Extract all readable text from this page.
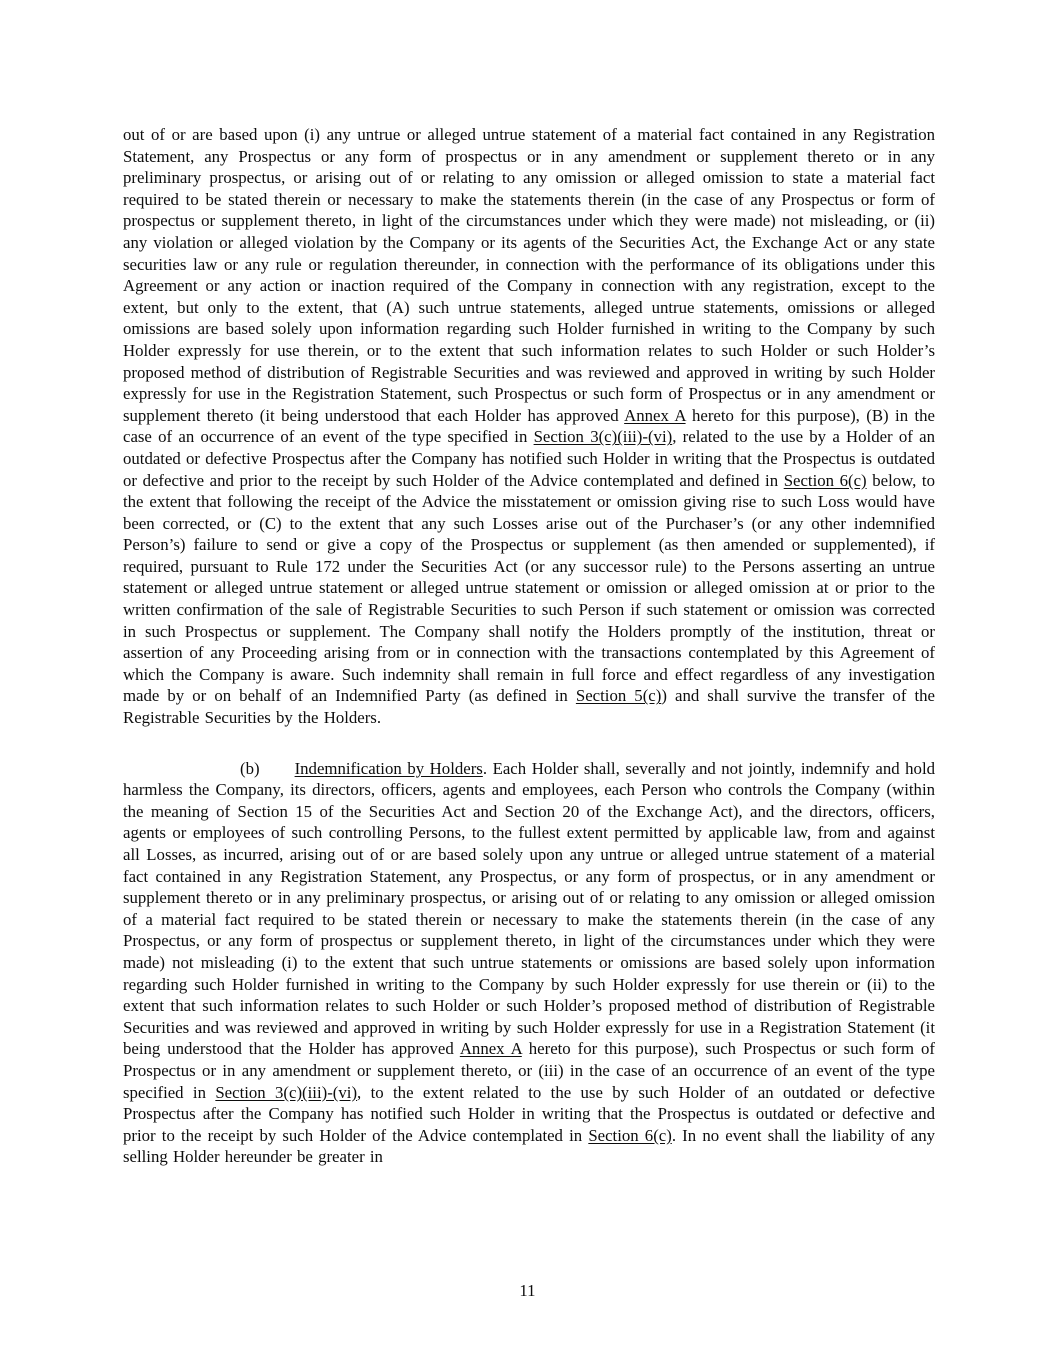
out of or are based upon (i) any untrue or alleged untrue statement of a material fact contained in any Registration Statement, any Prospectus or any form of prospectus or in any amendment or supplement thereto or in any preliminary prospectus, or arising out of or relating to any omission or alleged omission to state a material fact required to be stated therein or necessary to make the statements therein (in the case of any Prospectus or form of prospectus or supplement thereto, in light of the circumstances under which they were made) not misleading, or (ii) any violation or alleged violation by the Company or its agents of the Securities Act, the Exchange Act or any state securities law or any rule or regulation thereunder, in connection with the performance of its obligations under this Agreement or any action or inaction required of the Company in connection with any registration, except to the extent, but only to the extent, that (A) such untrue statements, alleged untrue statements, omissions or alleged omissions are based solely upon information regarding such Holder furnished in writing to the Company by such Holder expressly for use therein, or to the extent that such information relates to such Holder or such Holder’s proposed method of distribution of Registrable Securities and was reviewed and approved in writing by such Holder expressly for use in the Registration Statement, such Prospectus or such form of Prospectus or in any amendment or supplement thereto (it being understood that each Holder has approved Annex A hereto for this purpose), (B) in the case of an occurrence of an event of the type specified in Section 3(c)(iii)-(vi), related to the use by a Holder of an outdated or defective Prospectus after the Company has notified such Holder in writing that the Prospectus is outdated or defective and prior to the receipt by such Holder of the Advice contemplated and defined in Section 6(c) below, to the extent that following the receipt of the Advice the misstatement or omission giving rise to such Loss would have been corrected, or (C) to the extent that any such Losses arise out of the Purchaser’s (or any other indemnified Person’s) failure to send or give a copy of the Prospectus or supplement (as then amended or supplemented), if required, pursuant to Rule 172 under the Securities Act (or any successor rule) to the Persons asserting an untrue statement or alleged untrue statement or alleged untrue statement or omission or alleged omission at or prior to the written confirmation of the sale of Registrable Securities to such Person if such statement or omission was corrected in such Prospectus or supplement. The Company shall notify the Holders promptly of the institution, threat or assertion of any Proceeding arising from or in connection with the transactions contemplated by this Agreement of which the Company is aware. Such indemnity shall remain in full force and effect regardless of any investigation made by or on behalf of an Indemnified Party (as defined in Section 5(c)) and shall survive the transfer of the Registrable Securities by the Holders.

(b) Indemnification by Holders. Each Holder shall, severally and not jointly, indemnify and hold harmless the Company, its directors, officers, agents and employees, each Person who controls the Company (within the meaning of Section 15 of the Securities Act and Section 20 of the Exchange Act), and the directors, officers, agents or employees of such controlling Persons, to the fullest extent permitted by applicable law, from and against all Losses, as incurred, arising out of or are based solely upon any untrue or alleged untrue statement of a material fact contained in any Registration Statement, any Prospectus, or any form of prospectus, or in any amendment or supplement thereto or in any preliminary prospectus, or arising out of or relating to any omission or alleged omission of a material fact required to be stated therein or necessary to make the statements therein (in the case of any Prospectus, or any form of prospectus or supplement thereto, in light of the circumstances under which they were made) not misleading (i) to the extent that such untrue statements or omissions are based solely upon information regarding such Holder furnished in writing to the Company by such Holder expressly for use therein or (ii) to the extent that such information relates to such Holder or such Holder’s proposed method of distribution of Registrable Securities and was reviewed and approved in writing by such Holder expressly for use in a Registration Statement (it being understood that the Holder has approved Annex A hereto for this purpose), such Prospectus or such form of Prospectus or in any amendment or supplement thereto, or (iii) in the case of an occurrence of an event of the type specified in Section 3(c)(iii)-(vi), to the extent related to the use by such Holder of an outdated or defective Prospectus after the Company has notified such Holder in writing that the Prospectus is outdated or defective and prior to the receipt by such Holder of the Advice contemplated in Section 6(c). In no event shall the liability of any selling Holder hereunder be greater in

11
